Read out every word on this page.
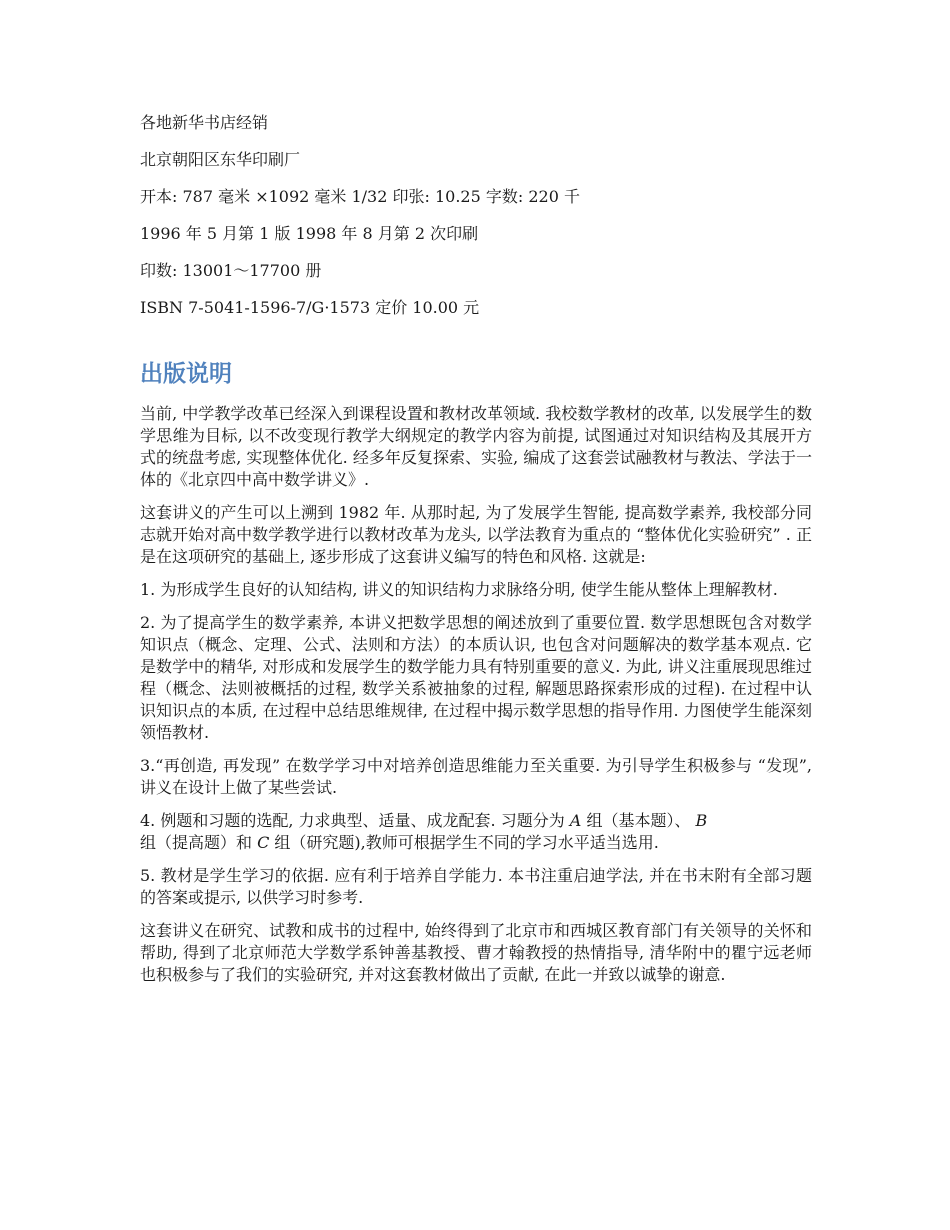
各地新华书店经销
北京朝阳区东华印刷厂
开本: 787 毫米 ×1092 毫米 1/32 印张: 10.25 字数: 220 千
1996 年 5 月第 1 版 1998 年 8 月第 2 次印刷
印数: 13001～17700 册
ISBN 7-5041-1596-7/G·1573 定价 10.00 元
出版说明

当前, 中学教学改革已经深入到课程设置和教材改革领域. 我校数学教材的改革, 以发展学生的数学思维为目标, 以不改变现行教学大纲规定的教学内容为前提, 试图通过对知识结构及其展开方式的统盘考虑, 实现整体优化. 经多年反复探索、实验, 编成了这套尝试融教材与教法、学法于一体的《北京四中高中数学讲义》.

这套讲义的产生可以上溯到 1982 年. 从那时起, 为了发展学生智能, 提高数学素养, 我校部分同志就开始对高中数学教学进行以教材改革为龙头, 以学法教育为重点的 “整体优化实验研究” . 正是在这项研究的基础上, 逐步形成了这套讲义编写的特色和风格. 这就是:

1. 为形成学生良好的认知结构, 讲义的知识结构力求脉络分明, 使学生能从整体上理解教材.

2. 为了提高学生的数学素养, 本讲义把数学思想的阐述放到了重要位置. 数学思想既包含对数学知识点（概念、定理、公式、法则和方法）的本质认识, 也包含对问题解决的数学基本观点. 它是数学中的精华, 对形成和发展学生的数学能力具有特别重要的意义. 为此, 讲义注重展现思维过程（概念、法则被概括的过程, 数学关系被抽象的过程, 解题思路探索形成的过程). 在过程中认识知识点的本质, 在过程中总结思维规律, 在过程中揭示数学思想的指导作用. 力图使学生能深刻领悟教材.

3.“再创造, 再发现” 在数学学习中对培养创造思维能力至关重要. 为引导学生积极参与 “发现”, 讲义在设计上做了某些尝试.

4. 例题和习题的选配, 力求典型、适量、成龙配套. 习题分为 A 组（基本题）、 B
组（提高题）和 C 组（研究题),教师可根据学生不同的学习水平适当选用.

5. 教材是学生学习的依据. 应有利于培养自学能力. 本书注重启迪学法, 并在书末附有全部习题的答案或提示, 以供学习时参考.

这套讲义在研究、试教和成书的过程中, 始终得到了北京市和西城区教育部门有关领导的关怀和帮助, 得到了北京师范大学数学系钟善基教授、曹才翰教授的热情指导, 清华附中的瞿宁远老师也积极参与了我们的实验研究, 并对这套教材做出了贡献, 在此一并致以诚挚的谢意.
